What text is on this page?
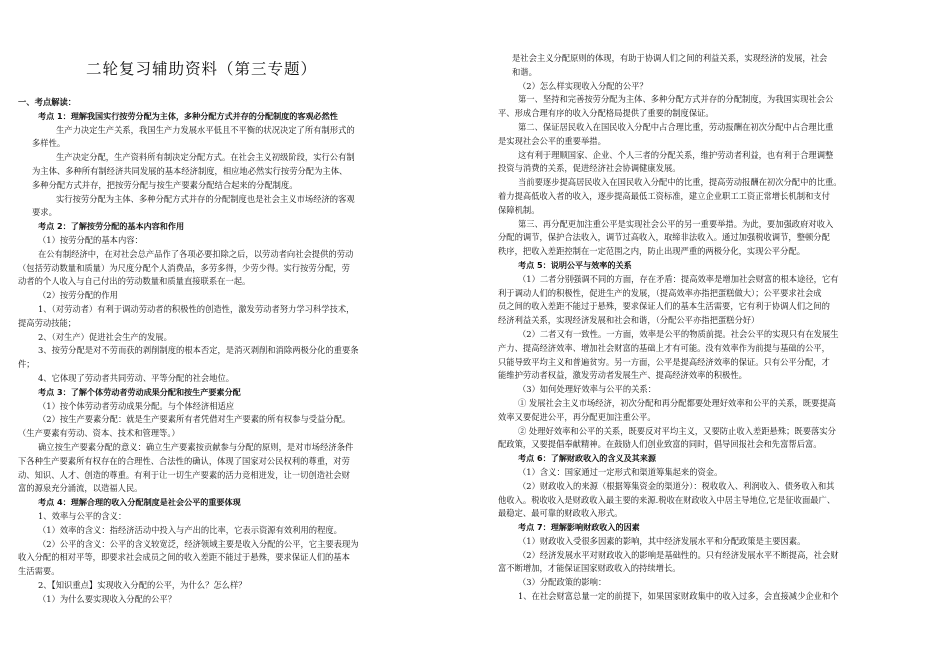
二轮复习辅助资料（第三专题）
一、考点解读：
考点 1：理解我国实行按劳分配为主体，多种分配方式并存的分配制度的客观必然性
生产力决定生产关系，我国生产力发展水平低且不平衡的状况决定了所有制形式的
多样性。
生产决定分配，生产资料所有制决定分配方式。在社会主义初级阶段，实行公有制
为主体、多种所有制经济共同发展的基本经济制度，相应地必然实行按劳分配为主体、
多种分配方式并存，把按劳分配与按生产要素分配结合起来的分配制度。
实行按劳分配为主体、多种分配方式并存的分配制度也是社会主义市场经济的客观
要求。
考点 2：了解按劳分配的基本内容和作用
（1）按劳分配的基本内容：
在公有制经济中，在对社会总产品作了各项必要扣除之后，以劳动者向社会提供的劳动
（包括劳动数量和质量）为尺度分配个人消费品，多劳多得，少劳少得。实行按劳分配，劳
动者的个人收入与自己付出的劳动数量和质量直接联系在一起。
（2）按劳分配的作用
1、（对劳动者）有利于调动劳动者的积极性的创造性，激发劳动者努力学习科学技术，
提高劳动技能；
2、（对生产）促进社会生产的发展。
3、按劳分配是对不劳而获的剥削制度的根本否定，是消灭剥削和消除两极分化的重要条
件；
4、它体现了劳动者共同劳动、平等分配的社会地位。
考点 3：了解个体劳动者劳动成果分配和按生产要素分配
（1）按个体劳动者劳动成果分配。与个体经济相适应
（2）按生产要素分配：就是生产要素所有者凭借对生产要素的所有权参与受益分配。
（生产要素有劳动、资本、技术和管理等。）
确立按生产要素分配的意义：确立生产要素按贡献参与分配的原则，是对市场经济条件
下各种生产要素所有权存在的合理性、合法性的确认，体现了国家对公民权利的尊重，对劳
动、知识、人才、创造的尊重。有利于让一切生产要素的活力竞相迸发，让一切创造社会财
富的源泉充分涌流，以造福人民。
考点 4：理解合理的收入分配制度是社会公平的重要体现
1、效率与公平的含义：
（1）效率的含义：指经济活动中投入与产出的比率，它表示资源有效利用的程度。
（2）公平的含义：公平的含义较宽泛，经济领域主要是收入分配的公平，它主要表现为
收入分配的相对平等，即要求社会成员之间的收入差距不能过于悬殊，要求保证人们的基本
生活需要。
2、【知识重点】实现收入分配的公平，为什么？怎么样？
（1）为什么要实现收入分配的公平？
是社会主义分配原则的体现，有助于协调人们之间的利益关系，实现经济的发展，社会
和谐。
（2）怎么样实现收入分配的公平？
第一、坚持和完善按劳分配为主体、多种分配方式并存的分配制度，为我国实现社会公
平、形成合理有序的收入分配格局提供了重要的制度保证。
第二、保证居民收入在国民收入分配中占合理比重，劳动报酬在初次分配中占合理比重
是实现社会公平的重要举措。
这有利于理顺国家、企业、个人三者的分配关系，维护劳动者利益，也有利于合理调整
投资与消费的关系，促进经济社会协调健康发展。
当前要逐步提高居民收入在国民收入分配中的比重，提高劳动报酬在初次分配中的比重。
着力提高低收入者的收入，逐步提高最低工资标准，建立企业职工工资正常增长机制和支付
保障机制。
第三、再分配更加注重公平是实现社会公平的另一重要举措。为此，要加强政府对收入
分配的调节，保护合法收入，调节过高收入，取缔非法收入。通过加强税收调节，整顿分配
秩序，把收入差距控制在一定范围之内，防止出现严重的两极分化，实现公平分配。
考点 5：说明公平与效率的关系
（1）二者分别强调不同的方面，存在矛盾：提高效率是增加社会财富的根本途径，它有
利于调动人们的积极性，促进生产的发展，（提高效率亦指把蛋糕做大）；公平要求社会成
员之间的收入差距不能过于悬殊，要求保证人们的基本生活需要，它有利于协调人们之间的
经济利益关系，实现经济发展和社会和谐，（分配公平亦指把蛋糕分好）
（2）二者又有一致性。一方面，效率是公平的物质前提。社会公平的实现只有在发展生
产力、提高经济效率、增加社会财富的基础上才有可能。没有效率作为前提与基础的公平，
只能导致平均主义和普遍贫穷。另一方面，公平是提高经济效率的保证。只有公平分配，才
能维护劳动者权益，激发劳动者发展生产、提高经济效率的积极性。
（3）如何处理好效率与公平的关系：
① 发展社会主义市场经济，初次分配和再分配都要处理好效率和公平的关系，既要提高
效率又要促进公平，再分配更加注重公平。
② 处理好效率和公平的关系，既要反对平均主义，又要防止收入差距悬殊；既要落实分
配政策，又要提倡奉献精神。在鼓励人们创业致富的同时，倡导回报社会和先富帮后富。
考点 6：了解财政收入的含义及其来源
（1）含义：国家通过一定形式和渠道筹集起来的资金。
（2）财政收入的来源（根据筹集资金的渠道分）：税收收入、利润收入、债务收入和其
他收入。税收收入是财政收入最主要的来源.税收在财政收入中居主导地位,它是征收面最广、
最稳定、最可靠的财政收入形式。
考点 7：理解影响财政收入的因素
（1）财政收入受很多因素的影响，其中经济发展水平和分配政策是主要因素。
（2）经济发展水平对财政收入的影响是基础性的。只有经济发展水平不断提高，社会财
富不断增加，才能保证国家财政收入的持续增长。
（3）分配政策的影响：
1、在社会财富总量一定的前提下，如果国家财政集中的收入过多，会直接减少企业和个
